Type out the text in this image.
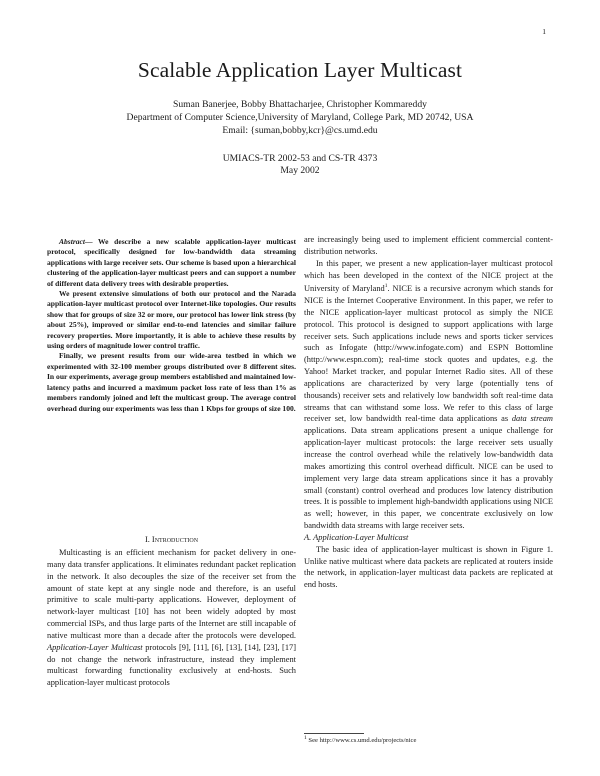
1
Scalable Application Layer Multicast
Suman Banerjee, Bobby Bhattacharjee, Christopher Kommareddy
Department of Computer Science,University of Maryland, College Park, MD 20742, USA
Email: {suman,bobby,kcr}@cs.umd.edu
UMIACS-TR 2002-53 and CS-TR 4373
May 2002

Abstract— We describe a new scalable application-layer multicast protocol, specifically designed for low-bandwidth data streaming applications with large receiver sets. Our scheme is based upon a hierarchical clustering of the application-layer multicast peers and can support a number of different data delivery trees with desirable properties.

We present extensive simulations of both our protocol and the Narada application-layer multicast protocol over Internet-like topologies. Our results show that for groups of size 32 or more, our protocol has lower link stress (by about 25%), improved or similar end-to-end latencies and similar failure recovery properties. More importantly, it is able to achieve these results by using orders of magnitude lower control traffic.

Finally, we present results from our wide-area testbed in which we experimented with 32-100 member groups distributed over 8 different sites. In our experiments, average group members established and maintained low-latency paths and incurred a maximum packet loss rate of less than 1% as members randomly joined and left the multicast group. The average control overhead during our experiments was less than 1 Kbps for groups of size 100.

I. Introduction

Multicasting is an efficient mechanism for packet delivery in one-many data transfer applications. It eliminates redundant packet replication in the network. It also decouples the size of the receiver set from the amount of state kept at any single node and therefore, is an useful primitive to scale multi-party applications. However, deployment of network-layer multicast [10] has not been widely adopted by most commercial ISPs, and thus large parts of the Internet are still incapable of native multicast more than a decade after the protocols were developed. Application-Layer Multicast protocols [9], [11], [6], [13], [14], [23], [17] do not change the network infrastructure, instead they implement multicast forwarding functionality exclusively at end-hosts. Such application-layer multicast protocols

are increasingly being used to implement efficient commercial content-distribution networks.

In this paper, we present a new application-layer multicast protocol which has been developed in the context of the NICE project at the University of Maryland$^1$. NICE is a recursive acronym which stands for NICE is the Internet Cooperative Environment. In this paper, we refer to the NICE application-layer multicast protocol as simply the NICE protocol. This protocol is designed to support applications with large receiver sets. Such applications include news and sports ticker services such as Infogate (http://www.infogate.com) and ESPN Bottomline (http://www.espn.com); real-time stock quotes and updates, e.g. the Yahoo! Market tracker, and popular Internet Radio sites. All of these applications are characterized by very large (potentially tens of thousands) receiver sets and relatively low bandwidth soft real-time data streams that can withstand some loss. We refer to this class of large receiver set, low bandwidth real-time data applications as data stream applications. Data stream applications present a unique challenge for application-layer multicast protocols: the large receiver sets usually increase the control overhead while the relatively low-bandwidth data makes amortizing this control overhead difficult. NICE can be used to implement very large data stream applications since it has a provably small (constant) control overhead and produces low latency distribution trees. It is possible to implement high-bandwidth applications using NICE as well; however, in this paper, we concentrate exclusively on low bandwidth data streams with large receiver sets.

A. Application-Layer Multicast

The basic idea of application-layer multicast is shown in Figure 1. Unlike native multicast where data packets are replicated at routers inside the network, in application-layer multicast data packets are replicated at end hosts.

$^1$ See http://www.cs.umd.edu/projects/nice
